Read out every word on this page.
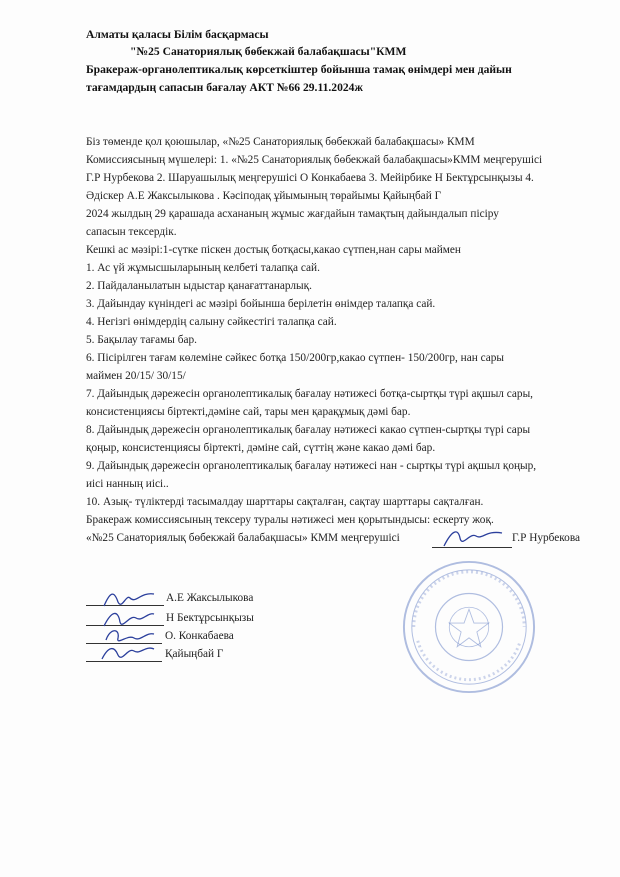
Алматы қаласы Білім басқармасы
"№25 Санаториялық бөбекжай балабақшасы"КММ
Бракераж-органолептикалық көрсеткіштер бойынша тамақ өнімдері мен дайын
тағамдардың сапасын бағалау АКТ №66 29.11.2024ж
Біз төменде қол қоюшылар, «№25 Санаториялық бөбекжай балабақшасы» КММ
Комиссиясының мүшелері: 1. «№25 Санаториялық бөбекжай балабақшасы»КММ меңгерушісі
Г.Р Нурбекова 2. Шаруашылық меңгерушісі О Конкабаева 3. Мейірбике Н Бектұрсынқызы 4.
Әдіскер А.Е Жаксылыкова . Кәсіподақ ұйымының төрайымы Қайыңбай Г
2024 жылдың 29 қарашада асхананың жұмыс жағдайын тамақтың дайындалып пісіру
сапасын тексердік.
Кешкі ас мәзірі:1-сүтке піскен достық ботқасы,какао сүтпен,нан сары маймен
1. Ас үй жұмысшыларының келбеті талапқа сай.
2. Пайдаланылатын ыдыстар қанағаттанарлық.
3. Дайындау күніндегі ас мәзірі бойынша берілетін өнімдер талапқа сай.
4. Негізгі өнімдердің салыну сәйкестігі талапқа сай.
5. Бақылау тағамы бар.
6. Пісірілген тағам көлеміне сәйкес ботқа 150/200гр,какао сүтпен- 150/200гр, нан сары
маймен 20/15/ 30/15/
7. Дайындық дәрежесін органолептикалық бағалау нәтижесі ботқа-сыртқы түрі ақшыл сары,
консистенциясы біртекті,дәміне сай, тары мен қарақұмық дәмі бар.
8. Дайындық дәрежесін органолептикалық бағалау нәтижесі какао сүтпен-сыртқы түрі сары
қоңыр, консистенциясы біртекті, дәміне сай, сүттің және какао дәмі бар.
9. Дайындық дәрежесін органолептикалық бағалау нәтижесі нан - сыртқы түрі ақшыл қоңыр,
иісі нанның иісі..
10. Азық- түліктерді тасымалдау шарттары сақталған, сақтау шарттары сақталған.
Бракераж комиссиясының тексеру туралы нәтижесі мен қорытындысы: ескерту жоқ.
«№25 Санаториялық бөбекжай балабақшасы» КММ меңгерушісі	Г.Р Нурбекова
А.Е Жаксылыкова
Н Бектұрсынқызы
О. Конкабаева
Қайыңбай Г
